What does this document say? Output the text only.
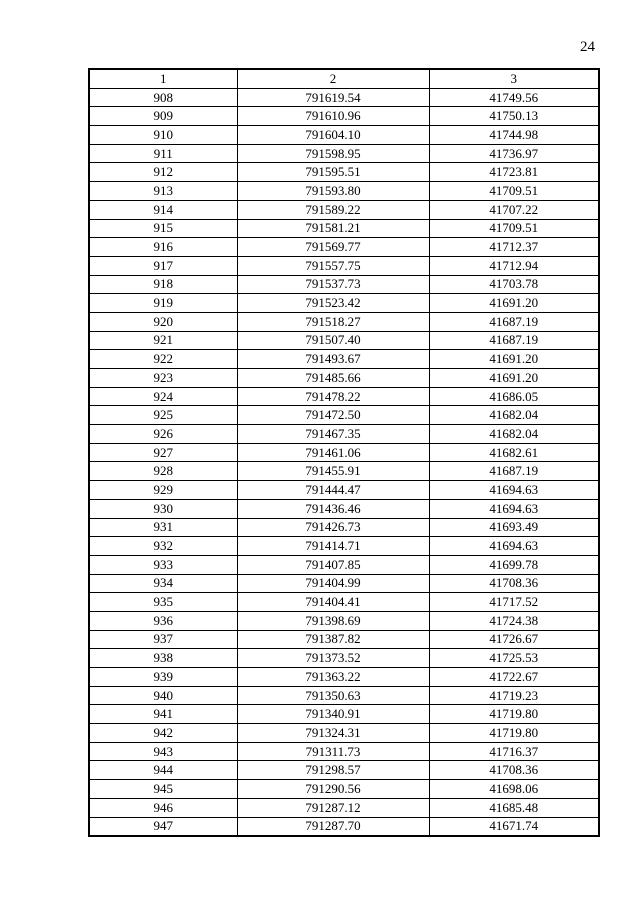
24
1	2	3
908	791619.54	41749.56
909	791610.96	41750.13
910	791604.10	41744.98
911	791598.95	41736.97
912	791595.51	41723.81
913	791593.80	41709.51
914	791589.22	41707.22
915	791581.21	41709.51
916	791569.77	41712.37
917	791557.75	41712.94
918	791537.73	41703.78
919	791523.42	41691.20
920	791518.27	41687.19
921	791507.40	41687.19
922	791493.67	41691.20
923	791485.66	41691.20
924	791478.22	41686.05
925	791472.50	41682.04
926	791467.35	41682.04
927	791461.06	41682.61
928	791455.91	41687.19
929	791444.47	41694.63
930	791436.46	41694.63
931	791426.73	41693.49
932	791414.71	41694.63
933	791407.85	41699.78
934	791404.99	41708.36
935	791404.41	41717.52
936	791398.69	41724.38
937	791387.82	41726.67
938	791373.52	41725.53
939	791363.22	41722.67
940	791350.63	41719.23
941	791340.91	41719.80
942	791324.31	41719.80
943	791311.73	41716.37
944	791298.57	41708.36
945	791290.56	41698.06
946	791287.12	41685.48
947	791287.70	41671.74
